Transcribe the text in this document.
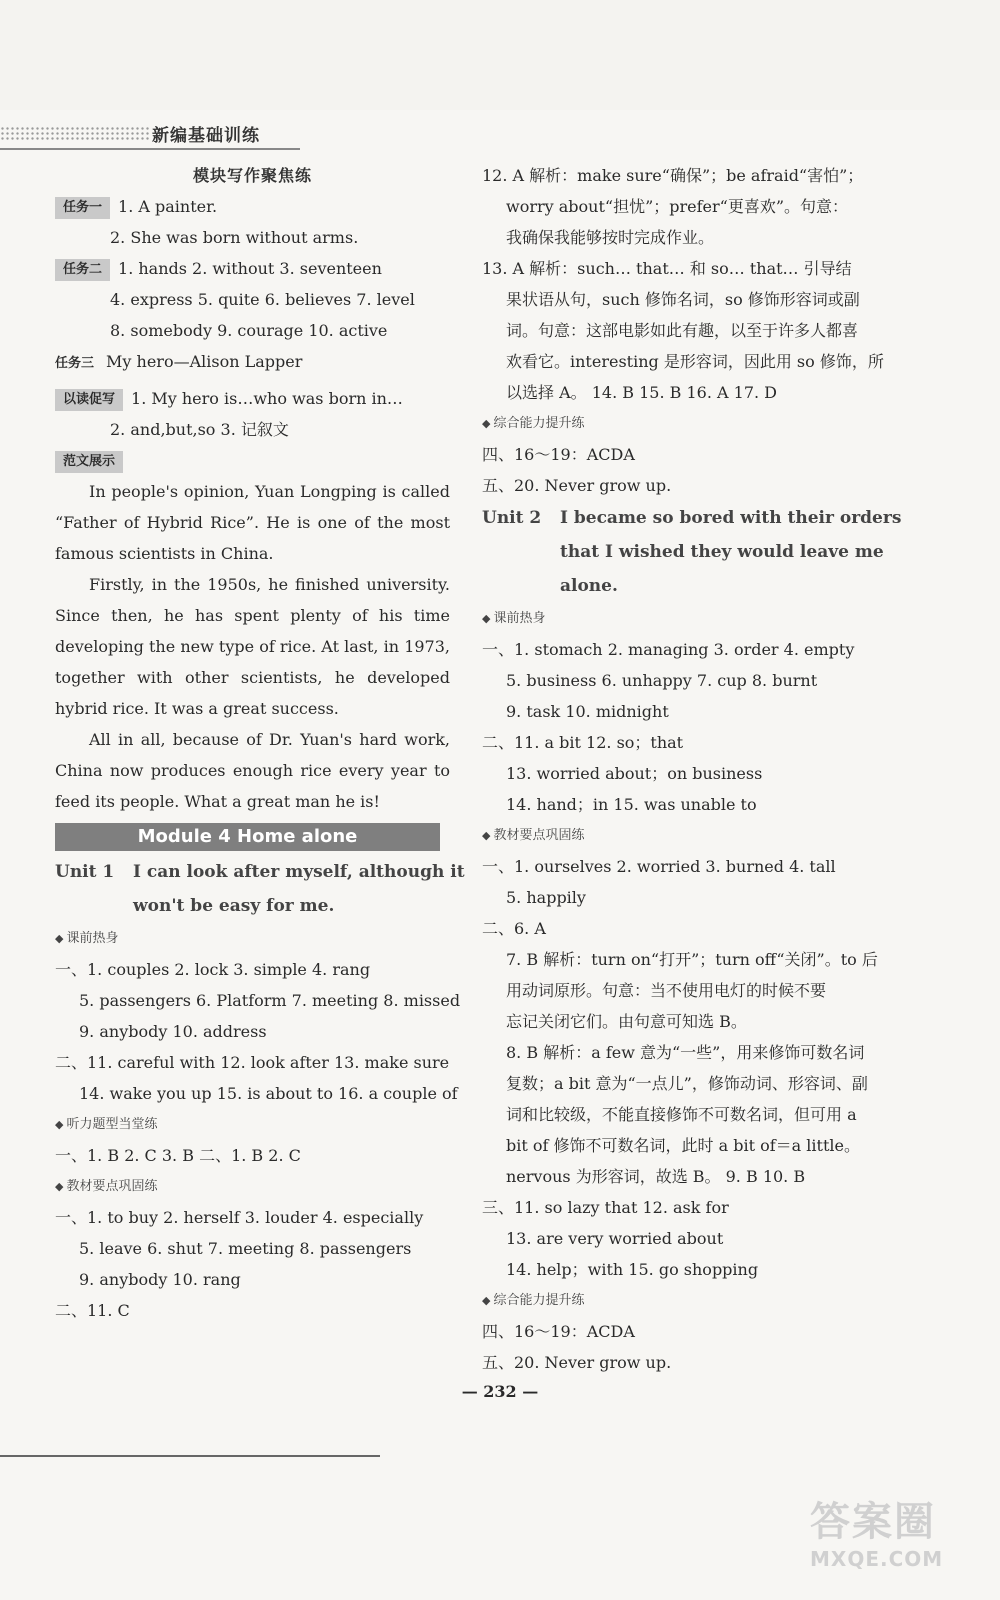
新编基础训练
模块写作聚焦练
任务一 1. A painter.
2. She was born without arms.
任务二 1. hands 2. without 3. seventeen
4. express 5. quite 6. believes 7. level
8. somebody 9. courage 10. active
任务三 My hero—Alison Lapper
以读促写 1. My hero is…who was born in…
2. and,but,so 3. 记叙文
范文展示
In people's opinion, Yuan Longping is called “Father of Hybrid Rice”. He is one of the most famous scientists in China.
Firstly, in the 1950s, he finished university. Since then, he has spent plenty of his time developing the new type of rice. At last, in 1973, together with other scientists, he developed hybrid rice. It was a great success.
All in all, because of Dr. Yuan's hard work, China now produces enough rice every year to feed its people. What a great man he is!
Module 4 Home alone
Unit 1 I can look after myself, although it
won't be easy for me.
◆ 课前热身
一、1. couples 2. lock 3. simple 4. rang
5. passengers 6. Platform 7. meeting 8. missed
9. anybody 10. address
二、11. careful with 12. look after 13. make sure
14. wake you up 15. is about to 16. a couple of
◆ 听力题型当堂练
一、1. B 2. C 3. B 二、1. B 2. C
◆ 教材要点巩固练
一、1. to buy 2. herself 3. louder 4. especially
5. leave 6. shut 7. meeting 8. passengers
9. anybody 10. rang
二、11. C
12. A 解析：make sure“确保”；be afraid“害怕”；
worry about“担忧”；prefer“更喜欢”。句意：
我确保我能够按时完成作业。
13. A 解析：such… that… 和 so… that… 引导结
果状语从句，such 修饰名词，so 修饰形容词或副
词。句意：这部电影如此有趣，以至于许多人都喜
欢看它。interesting 是形容词，因此用 so 修饰，所
以选择 A。 14. B 15. B 16. A 17. D
◆ 综合能力提升练
四、16～19：ACDA
五、20. Never grow up.
Unit 2 I became so bored with their orders
that I wished they would leave me
alone.
◆ 课前热身
一、1. stomach 2. managing 3. order 4. empty
5. business 6. unhappy 7. cup 8. burnt
9. task 10. midnight
二、11. a bit 12. so；that
13. worried about；on business
14. hand；in 15. was unable to
◆ 教材要点巩固练
一、1. ourselves 2. worried 3. burned 4. tall
5. happily
二、6. A
7. B 解析：turn on“打开”；turn off“关闭”。to 后
用动词原形。句意：当不使用电灯的时候不要
忘记关闭它们。由句意可知选 B。
8. B 解析：a few 意为“一些”，用来修饰可数名词
复数；a bit 意为“一点儿”，修饰动词、形容词、副
词和比较级，不能直接修饰不可数名词，但可用 a
bit of 修饰不可数名词，此时 a bit of＝a little。
nervous 为形容词，故选 B。 9. B 10. B
三、11. so lazy that 12. ask for
13. are very worried about
14. help；with 15. go shopping
◆ 综合能力提升练
四、16～19：ACDA
五、20. Never grow up.
— 232 —
答案圈
MXQE.COM
